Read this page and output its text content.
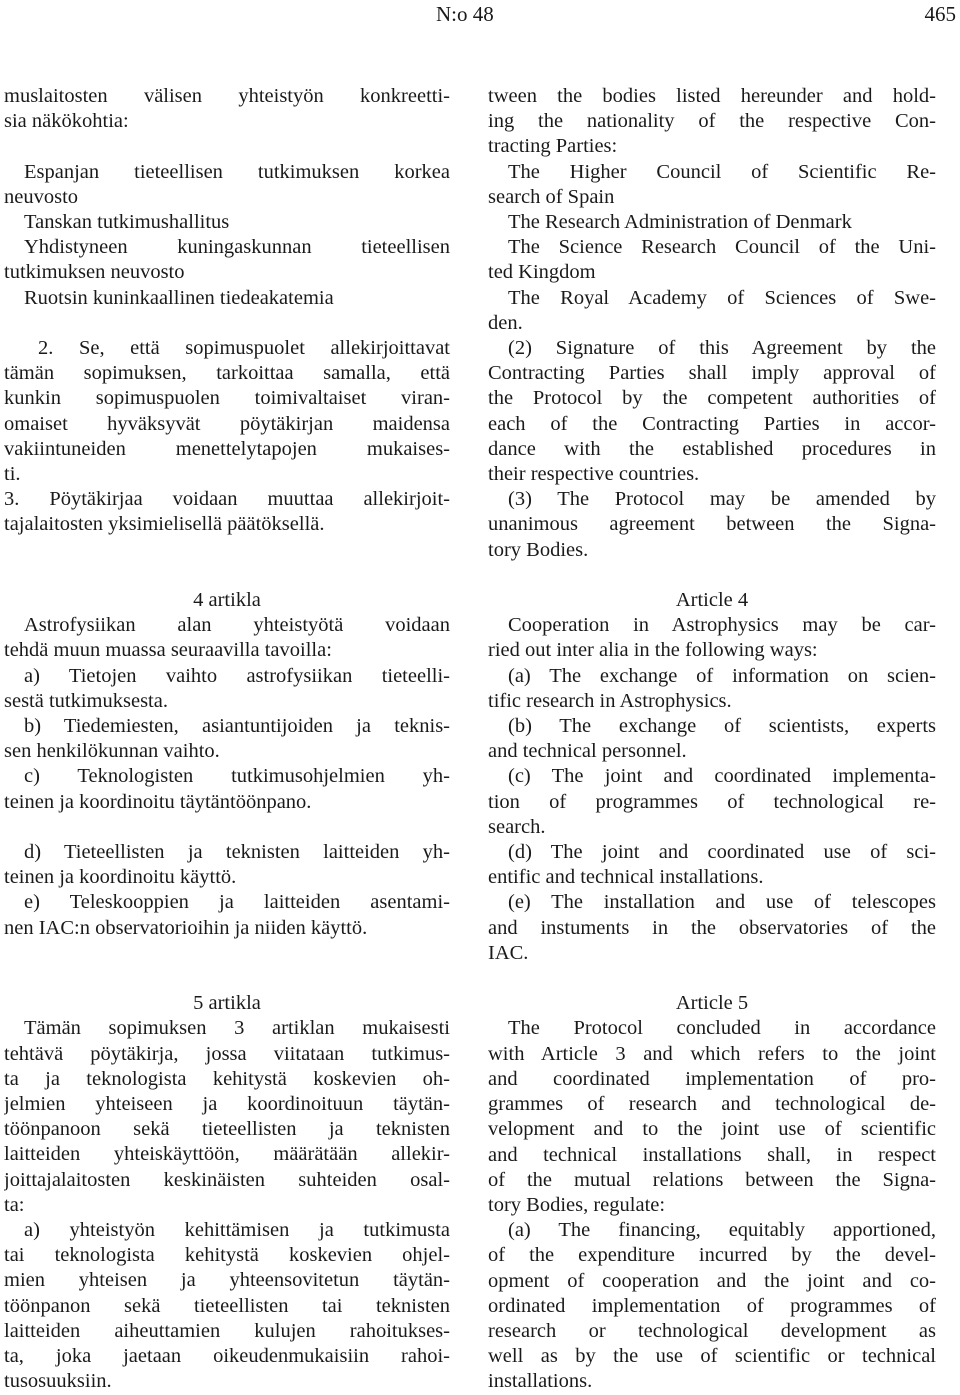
N:o 48	465
muslaitosten välisen yhteistyön konkreetti-
sia näkökohtia:
Espanjan tieteellisen tutkimuksen korkea
neuvosto
Tanskan tutkimushallitus
Yhdistyneen kuningaskunnan tieteellisen
tutkimuksen neuvosto
Ruotsin kuninkaallinen tiedeakatemia
2. Se, että sopimuspuolet allekirjoittavat
tämän sopimuksen, tarkoittaa samalla, että
kunkin sopimuspuolen toimivaltaiset viran-
omaiset hyväksyvät pöytäkirjan maidensa
vakiintuneiden menettelytapojen mukaises-
ti.
3. Pöytäkirjaa voidaan muuttaa allekirjoit-
tajalaitosten yksimielisellä päätöksellä.
4 artikla
Astrofysiikan alan yhteistyötä voidaan
tehdä muun muassa seuraavilla tavoilla:
a) Tietojen vaihto astrofysiikan tieteelli-
sestä tutkimuksesta.
b) Tiedemiesten, asiantuntijoiden ja teknis-
sen henkilökunnan vaihto.
c) Teknologisten tutkimusohjelmien yh-
teinen ja koordinoitu täytäntöönpano.
d) Tieteellisten ja teknisten laitteiden yh-
teinen ja koordinoitu käyttö.
e) Teleskooppien ja laitteiden asentami-
nen IAC:n observatorioihin ja niiden käyttö.
5 artikla
Tämän sopimuksen 3 artiklan mukaisesti
tehtävä pöytäkirja, jossa viitataan tutkimus-
ta ja teknologista kehitystä koskevien oh-
jelmien yhteiseen ja koordinoituun täytän-
töönpanoon sekä tieteellisten ja teknisten
laitteiden yhteiskäyttöön, määrätään allekir-
joittajalaitosten keskinäisten suhteiden osal-
ta:
a) yhteistyön kehittämisen ja tutkimusta
tai teknologista kehitystä koskevien ohjel-
mien yhteisen ja yhteensovitetun täytän-
töönpanon sekä tieteellisten tai teknisten
laitteiden aiheuttamien kulujen rahoitukses-
ta, joka jaetaan oikeudenmukaisiin rahoi-
tusosuuksiin.
tween the bodies listed hereunder and hold-
ing the nationality of the respective Con-
tracting Parties:
The Higher Council of Scientific Re-
search of Spain
The Research Administration of Denmark
The Science Research Council of the Uni-
ted Kingdom
The Royal Academy of Sciences of Swe-
den.
(2) Signature of this Agreement by the
Contracting Parties shall imply approval of
the Protocol by the competent authorities of
each of the Contracting Parties in accor-
dance with the established procedures in
their respective countries.
(3) The Protocol may be amended by
unanimous agreement between the Signa-
tory Bodies.
Article 4
Cooperation in Astrophysics may be car-
ried out inter alia in the following ways:
(a) The exchange of information on scien-
tific research in Astrophysics.
(b) The exchange of scientists, experts
and technical personnel.
(c) The joint and coordinated implementa-
tion of programmes of technological re-
search.
(d) The joint and coordinated use of sci-
entific and technical installations.
(e) The installation and use of telescopes
and instuments in the observatories of the
IAC.
Article 5
The Protocol concluded in accordance
with Article 3 and which refers to the joint
and coordinated implementation of pro-
grammes of research and technological de-
velopment and to the joint use of scientific
and technical installations shall, in respect
of the mutual relations between the Signa-
tory Bodies, regulate:
(a) The financing, equitably apportioned,
of the expenditure incurred by the devel-
opment of cooperation and the joint and co-
ordinated implementation of programmes of
research or technological development as
well as by the use of scientific or technical
installations.
